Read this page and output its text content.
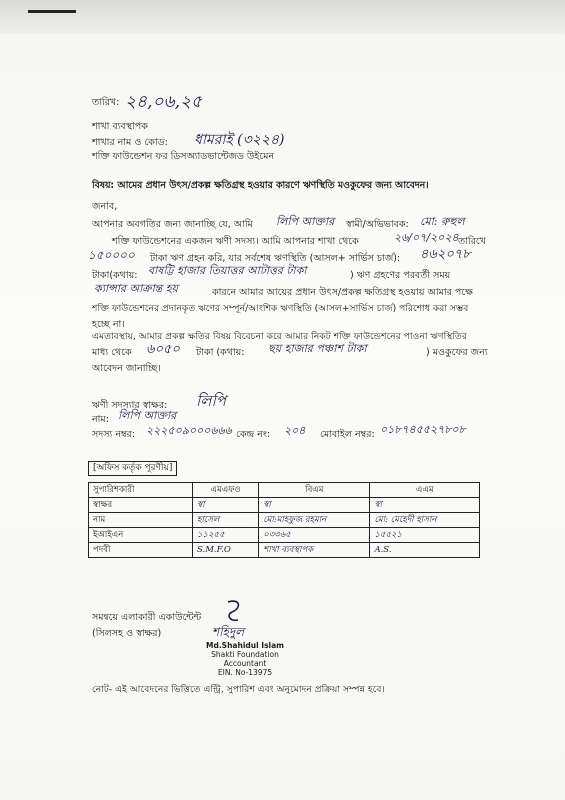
তারিখ: ২৪,০৬,২৫
শাখা ব্যবস্থাপক
শাখার নাম ও কোড: ধামরাই (৩২২৪)
শক্তি ফাউন্ডেশন ফর ডিসঅ্যাডভান্টেজড উইমেন
বিষয়: আমের প্রধান উৎস/প্রকল্প ক্ষতিগ্রস্থ হওয়ার কারণে ঋণস্থিতি মওকুফের জন্য আবেদন।
জনাব,
আপনার অবগতির জন্য জানাচ্ছি যে, আমি লিপি আক্তার স্বামী/অভিভাবক: মো: রুহুল
শক্তি ফাউন্ডেশনের একজন ঋণী সদস্য। আমি আপনার শাখা থেকে	২৬/০৭/২০২৪ তারিখে
১৫০০০০ টাকা ঋণ গ্রহন করি, যার সর্বশেষ ঋণস্থিতি (আসল+ সার্ভিস চার্জ): ৪৬২০৭৮
টাকা(কথায়: বাষট্টি হাজার তিয়াত্তর আটাত্তর টাকা	) ঋণ গ্রহণের পরবর্তী সময়
ক্যান্সার আক্রান্ত হয়	কারনে আমার আয়ের প্রধান উৎস/প্রকল্প ক্ষতিগ্রস্থ হওয়ায় আমার পক্ষে
শক্তি ফাউন্ডেশনের প্রদানকৃত ঋণের সম্পূর্ন/আংশিক ঋণস্থিতি (আসল+সার্ভিস চার্জ) পরিশোধ করা সম্ভব
হচ্ছে না।
এমতাবস্থায়, আমার প্রকল্প ক্ষতির বিষয় বিবেচনা করে আমার নিকট শক্তি ফাউন্ডেশনের পাওনা ঋণস্থিতির
মাধ্য থেকে ৬০৫০ টাকা (কথায়: ছয় হাজার পঞ্চাশ টাকা	) মওকুফের জন্য
আবেদন জানাচ্ছি।
ঋণী সদস্যার স্বাক্ষর: লিপি
নাম: লিপি আক্তার
সদস্য নম্বর: ২২২৫০৯০০০৬৬৬ কেন্দ্র নং: ২০৪ মোবাইল নম্বর: ০১৮৭৪৫৫২৭৮০৮
[অফিস কর্তৃক পূরণীয়]
সুপারিশকারী	এমএফও	বিএম	এএম
স্বাক্ষর	স্বা	স্বা	স্বা
নাম	হাসেল	মো:মাহফুজ রহমান	মো: মেহেদী হাসান
ইআইএন	১১২৫৫	০৩৩৬৫	১৫৫২১
পদবী	S.M.F.O	শাখা ব্যবস্থাপক	A.S.
সমন্বয়ে এলাকারী একাউন্টেন্ট
(সিলসহ ও স্বাক্ষর)	শহিদুল
Md.Shahidul Islam
Shakti Foundation
Accountant
EIN. No-13975
নোট- এই আবেদনের ভিত্তিতে এন্ট্রি, সুপারিশ এবং অনুমোদন প্রক্রিয়া সম্পন্ন হবে।
